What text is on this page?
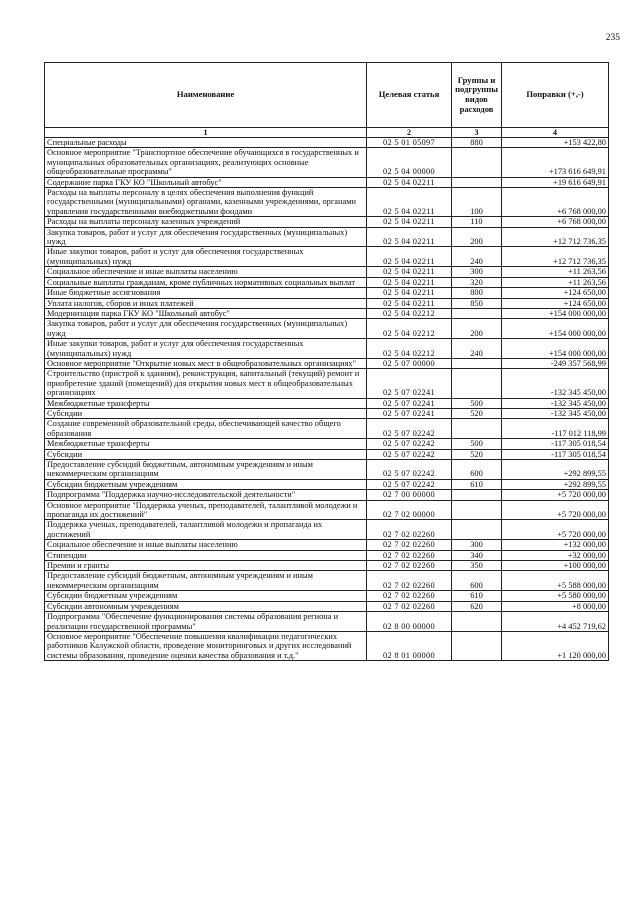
235
Наименование	Целевая статья	Группы и подгруппы видов расходов	Поправки (+,-)
1	2	3	4
Специальные расходы	02 5 01 05097	880	+153 422,80
Основное мероприятие "Транспортное обеспечение обучающихся в государственных и муниципальных образовательных организациях, реализующих основные общеобразовательные программы"	02 5 04 00000		+173 616 649,91
Содержание парка ГКУ КО "Школьный автобус"	02 5 04 02211		+19 616 649,91
Расходы на выплаты персоналу в целях обеспечения выполнения функций государственными (муниципальными) органами, казенными учреждениями, органами управления государственными внебюджетными фондами	02 5 04 02211	100	+6 768 000,00
Расходы на выплаты персоналу казенных учреждений	02 5 04 02211	110	+6 768 000,00
Закупка товаров, работ и услуг для обеспечения государственных (муниципальных) нужд	02 5 04 02211	200	+12 712 736,35
Иные закупки товаров, работ и услуг для обеспечения государственных (муниципальных) нужд	02 5 04 02211	240	+12 712 736,35
Социальное обеспечение и иные выплаты населению	02 5 04 02211	300	+11 263,56
Социальные выплаты гражданам, кроме публичных нормативных социальных выплат	02 5 04 02211	320	+11 263,56
Иные бюджетные ассигнования	02 5 04 02211	800	+124 650,00
Уплата налогов, сборов и иных платежей	02 5 04 02211	850	+124 650,00
Модернизация парка ГКУ КО "Школьный автобус"	02 5 04 02212		+154 000 000,00
Закупка товаров, работ и услуг для обеспечения государственных (муниципальных) нужд	02 5 04 02212	200	+154 000 000,00
Иные закупки товаров, работ и услуг для обеспечения государственных (муниципальных) нужд	02 5 04 02212	240	+154 000 000,00
Основное мероприятие "Открытие новых мест в общеобразовательных организациях"	02 5 07 00000		-249 357 568,99
Строительство (пристрой к зданиям), реконструкция, капитальный (текущий) ремонт и приобретение зданий (помещений) для открытия новых мест в общеобразовательных организациях	02 5 07 02241		-132 345 450,00
Межбюджетные трансферты	02 5 07 02241	500	-132 345 450,00
Субсидии	02 5 07 02241	520	-132 345 450,00
Создание современной образовательной среды, обеспечивающей качество общего образования	02 5 07 02242		-117 012 118,99
Межбюджетные трансферты	02 5 07 02242	500	-117 305 018,54
Субсидии	02 5 07 02242	520	-117 305 018,54
Предоставление субсидий бюджетным, автономным учреждениям и иным некоммерческим организациям	02 5 07 02242	600	+292 899,55
Субсидии бюджетным учреждениям	02 5 07 02242	610	+292 899,55
Подпрограмма "Поддержка научно-исследовательской деятельности"	02 7 00 00000		+5 720 000,00
Основное мероприятие "Поддержка ученых, преподавателей, талантливой молодежи и пропаганда их достижений"	02 7 02 00000		+5 720 000,00
Поддержка ученых, преподавателей, талантливой молодежи и пропаганда их достижений	02 7 02 02260		+5 720 000,00
Социальное обеспечение и иные выплаты населению	02 7 02 02260	300	+132 000,00
Стипендии	02 7 02 02260	340	+32 000,00
Премии и гранты	02 7 02 02260	350	+100 000,00
Предоставление субсидий бюджетным, автономным учреждениям и иным некоммерческим организациям	02 7 02 02260	600	+5 588 000,00
Субсидии бюджетным учреждениям	02 7 02 02260	610	+5 580 000,00
Субсидии автономным учреждениям	02 7 02 02260	620	+8 000,00
Подпрограмма "Обеспечение функционирования системы образования региона и реализации государственной программы"	02 8 00 00000		+4 452 719,62
Основное мероприятие "Обеспечение повышения квалификации педагогических работников Калужской области, проведение мониторинговых и других исследований системы образования, проведение оценки качества образования и т.д."	02 8 01 00000		+1 120 000,00
